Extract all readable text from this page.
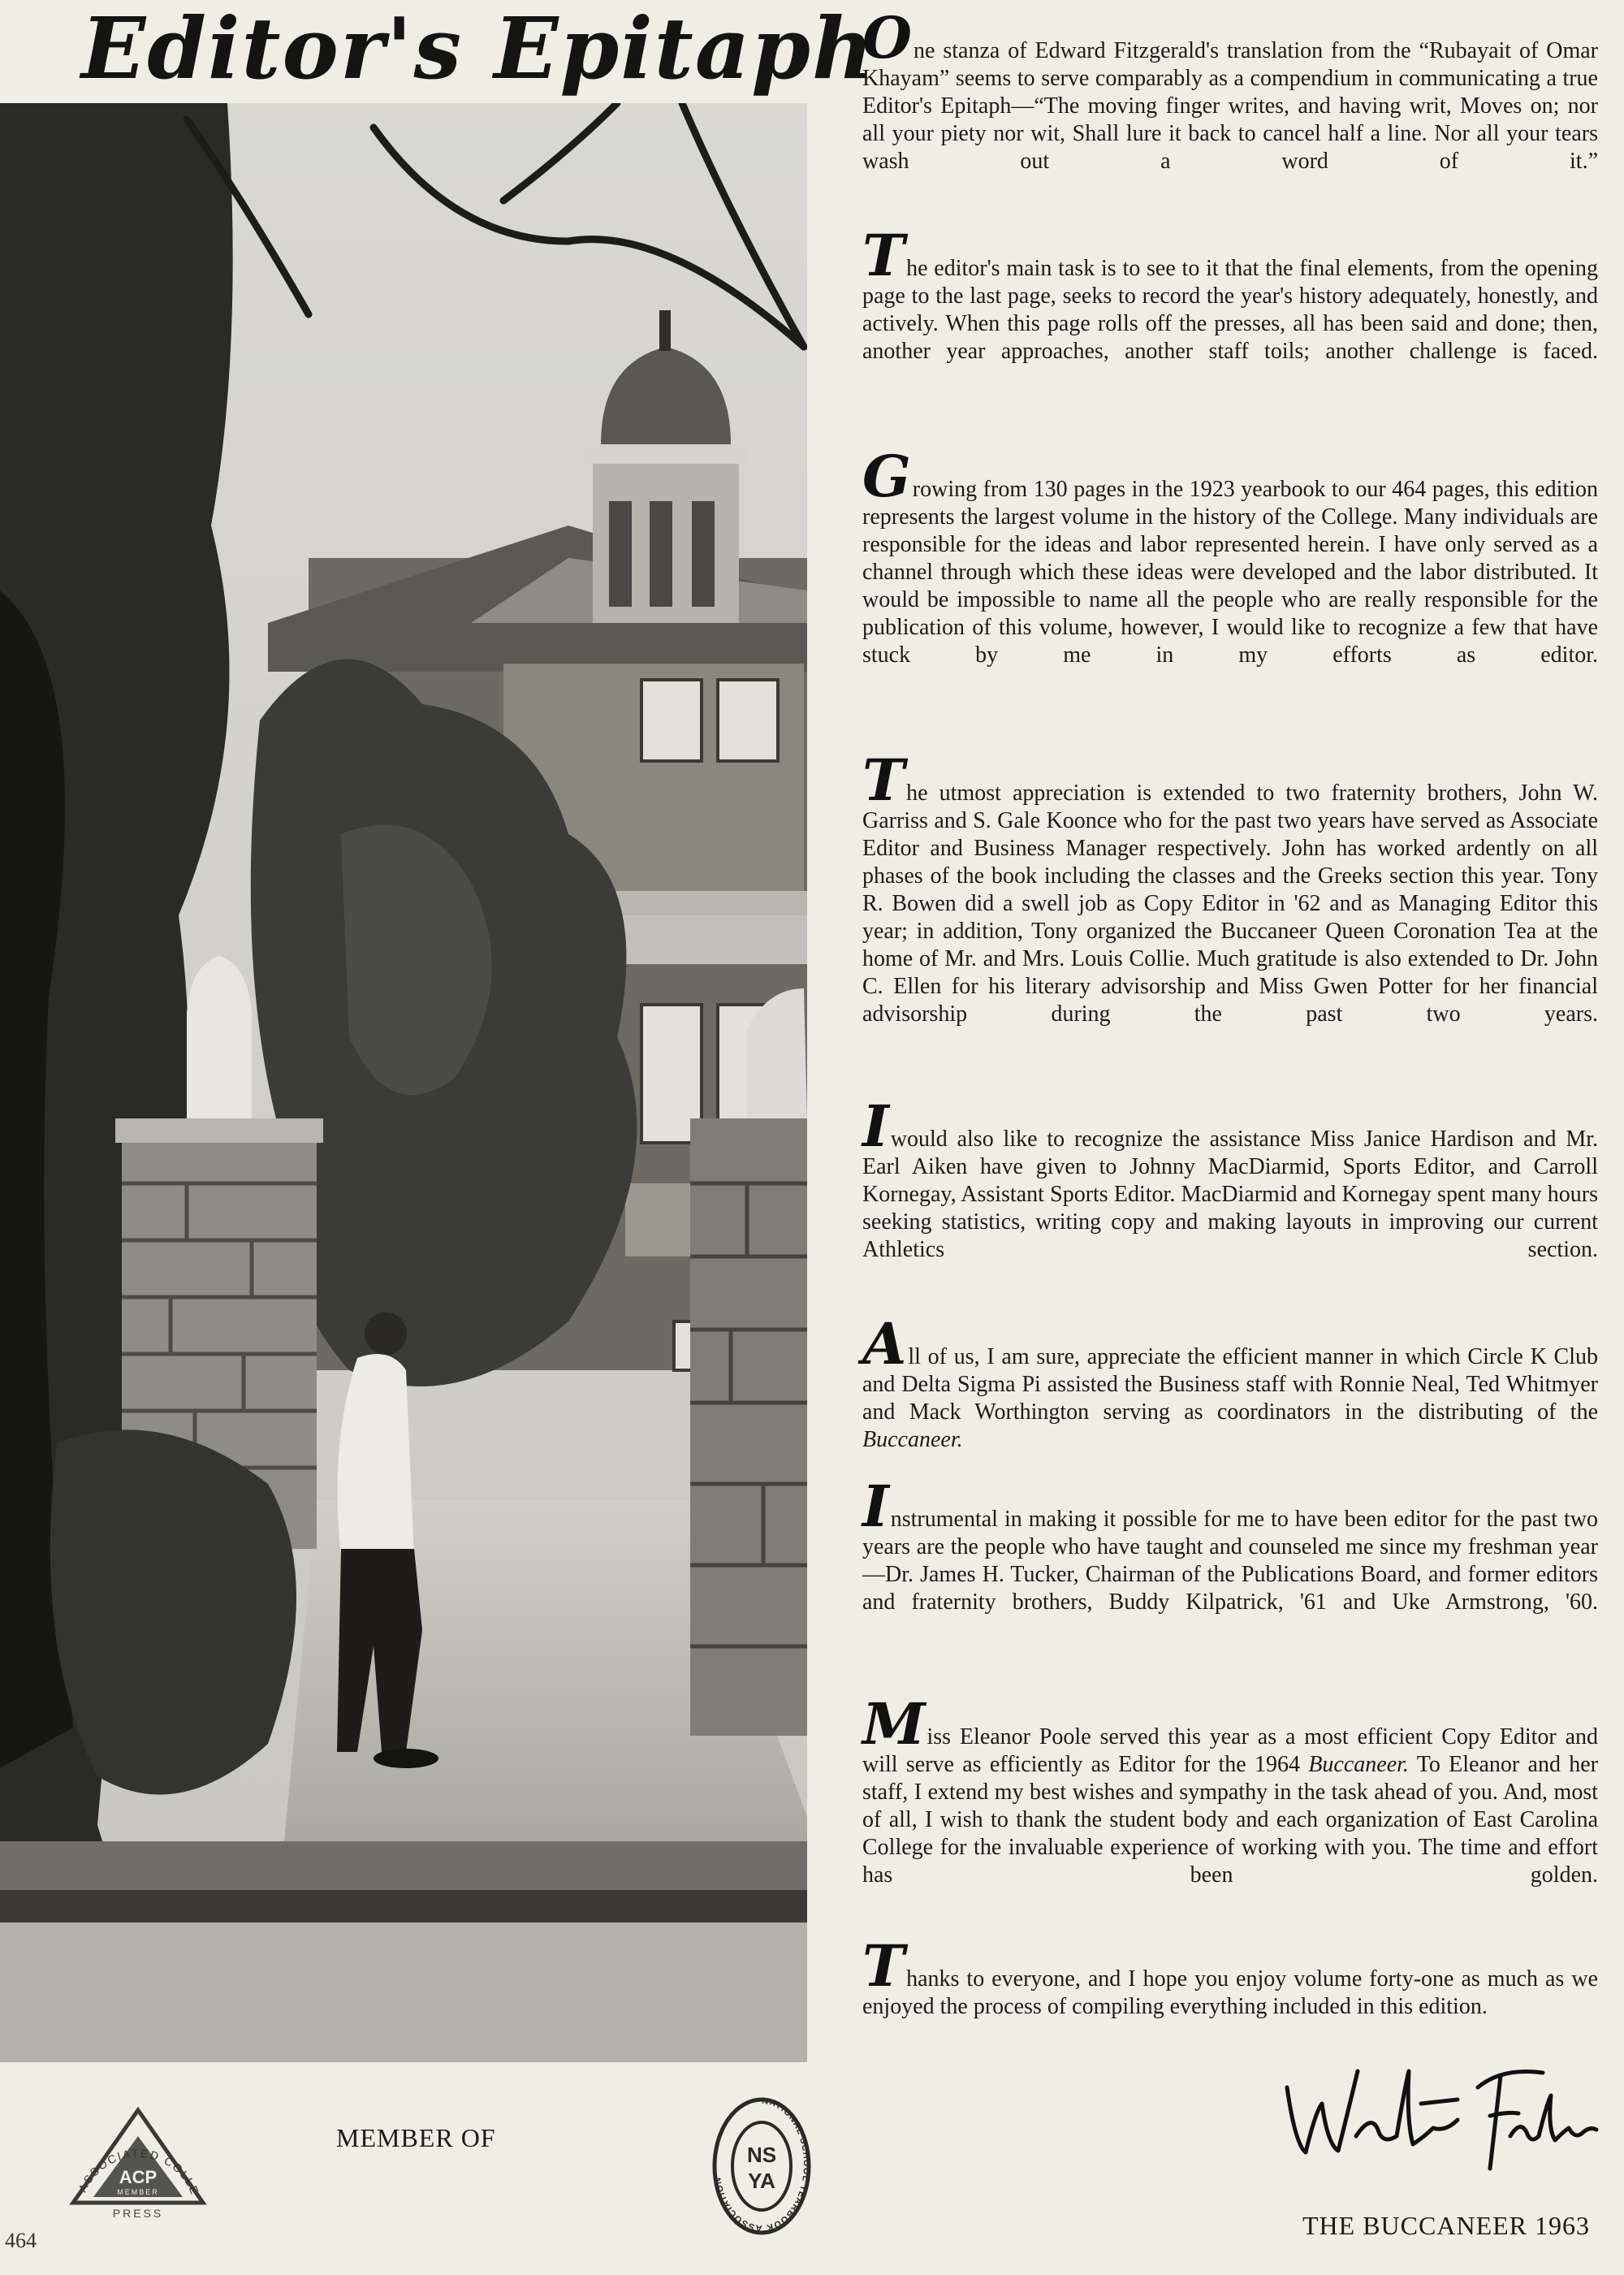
Editor's Epitaph

One stanza of Edward Fitzgerald's translation from the “Rubayait of Omar Khayam” seems to serve comparably as a compendium in communicating a true Editor's Epitaph—“The moving finger writes, and having writ, Moves on; nor all your piety nor wit, Shall lure it back to cancel half a line. Nor all your tears wash out a word of it.”

The editor's main task is to see to it that the final elements, from the opening page to the last page, seeks to record the year's history adequately, honestly, and actively. When this page rolls off the presses, all has been said and done; then, another year approaches, another staff toils; another challenge is faced.

Growing from 130 pages in the 1923 yearbook to our 464 pages, this edition represents the largest volume in the history of the College. Many individuals are responsible for the ideas and labor represented herein. I have only served as a channel through which these ideas were developed and the labor distributed. It would be impossible to name all the people who are really responsible for the publication of this volume, however, I would like to recognize a few that have stuck by me in my efforts as editor.

The utmost appreciation is extended to two fraternity brothers, John W. Garriss and S. Gale Koonce who for the past two years have served as Associate Editor and Business Manager respectively. John has worked ardently on all phases of the book including the classes and the Greeks section this year. Tony R. Bowen did a swell job as Copy Editor in '62 and as Managing Editor this year; in addition, Tony organized the Buccaneer Queen Coronation Tea at the home of Mr. and Mrs. Louis Collie. Much gratitude is also extended to Dr. John C. Ellen for his literary advisorship and Miss Gwen Potter for her financial advisorship during the past two years.

Iwould also like to recognize the assistance Miss Janice Hardison and Mr. Earl Aiken have given to Johnny MacDiarmid, Sports Editor, and Carroll Kornegay, Assistant Sports Editor. MacDiarmid and Kornegay spent many hours seeking statistics, writing copy and making layouts in improving our current Athletics section.

All of us, I am sure, appreciate the efficient manner in which Circle K Club and Delta Sigma Pi assisted the Business staff with Ronnie Neal, Ted Whitmyer and Mack Worthington serving as coordinators in the distributing of the Buccaneer.

Instrumental in making it possible for me to have been editor for the past two years are the people who have taught and counseled me since my freshman year—Dr. James H. Tucker, Chairman of the Publications Board, and former editors and fraternity brothers, Buddy Kilpatrick, '61 and Uke Armstrong, '60.

Miss Eleanor Poole served this year as a most efficient Copy Editor and will serve as efficiently as Editor for the 1964 Buccaneer. To Eleanor and her staff, I extend my best wishes and sympathy in the task ahead of you. And, most of all, I wish to thank the student body and each organization of East Carolina College for the invaluable experience of working with you. The time and effort has been golden.

Thanks to everyone, and I hope you enjoy volume forty-one as much as we enjoyed the process of compiling everything included in this edition.

ASSOCIATED COLLE
ACP
MEMBER
PRESS

MEMBER OF

NATIONAL SCHOOL YEARBOOK ASSOCIATION
NS
YA

THE BUCCANEER 1963

464
